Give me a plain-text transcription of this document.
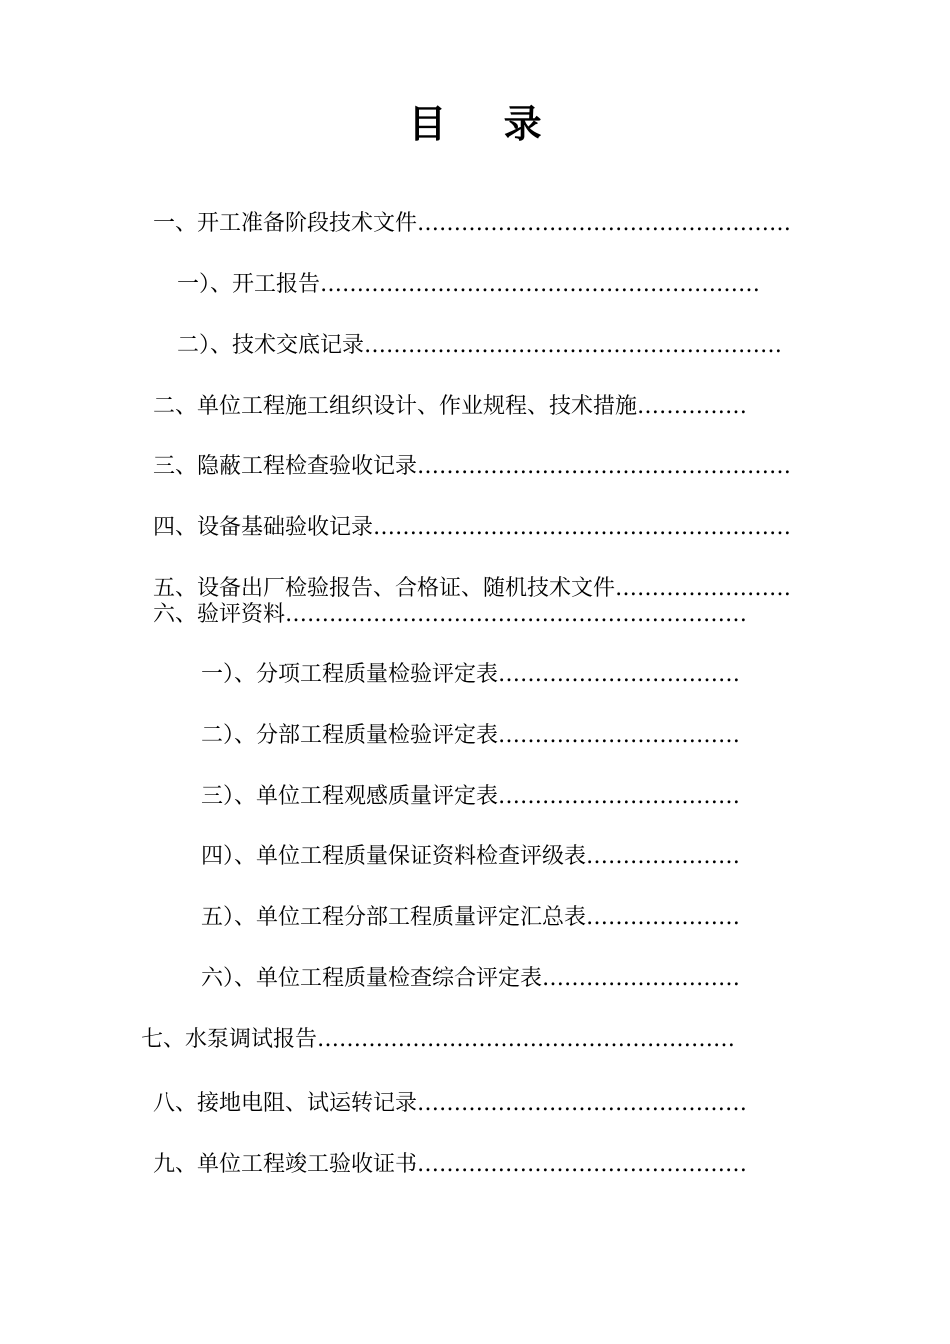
目 录
一、开工准备阶段技术文件……………………………………………
一）、开工报告……………………………………………………
二）、技术交底记录…………………………………………………
二、单位工程施工组织设计、作业规程、技术措施……………
三、隐蔽工程检查验收记录……………………………………………
四、设备基础验收记录…………………………………………………
五、设备出厂检验报告、合格证、随机技术文件……………………
六、验评资料………………………………………………………
一）、分项工程质量检验评定表……………………………
二）、分部工程质量检验评定表……………………………
三）、单位工程观感质量评定表……………………………
四）、单位工程质量保证资料检查评级表…………………
五）、单位工程分部工程质量评定汇总表…………………
六）、单位工程质量检查综合评定表………………………
七、水泵调试报告…………………………………………………
八、接地电阻、试运转记录………………………………………
九、单位工程竣工验收证书………………………………………
